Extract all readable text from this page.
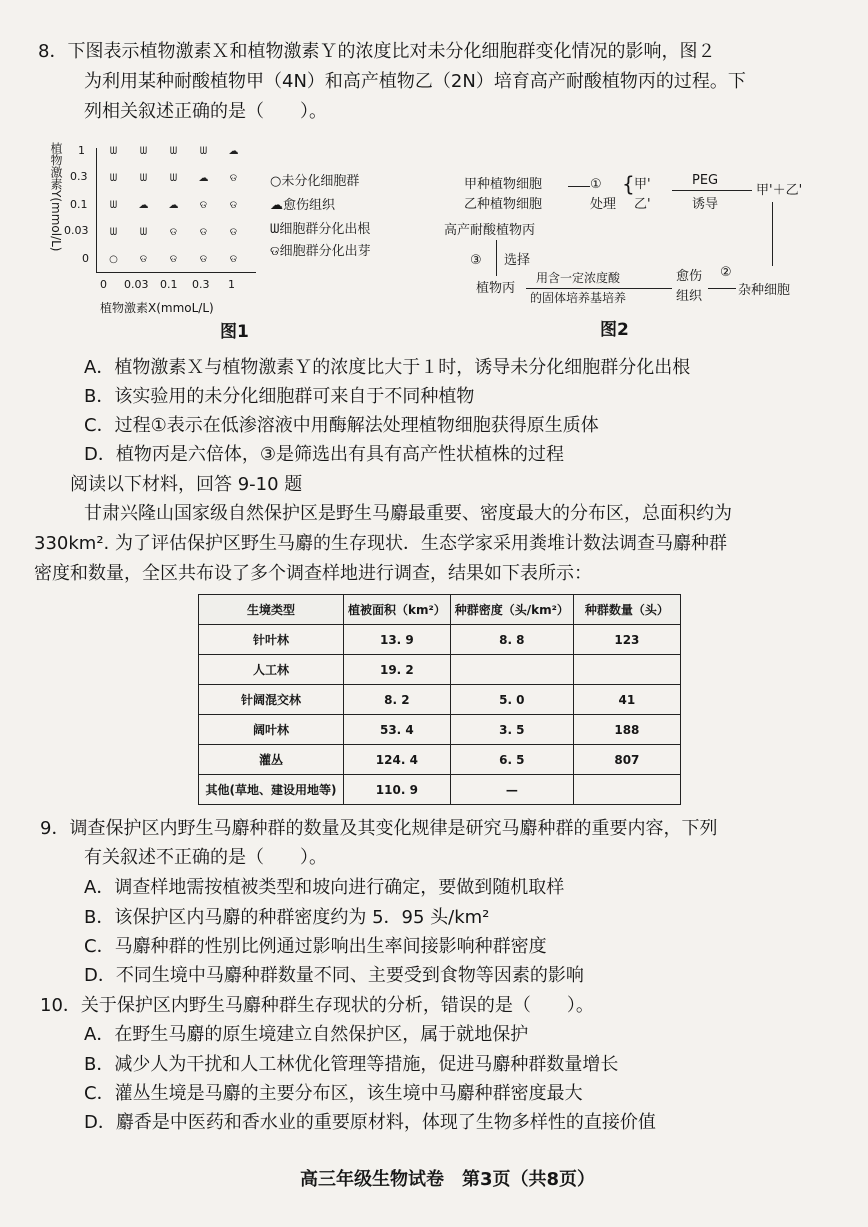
8．下图表示植物激素Ｘ和植物激素Ｙ的浓度比对未分化细胞群变化情况的影响，图２
为利用某种耐酸植物甲（4N）和高产植物乙（2N）培育高产耐酸植物丙的过程。下
列相关叙述正确的是（　　）。
植物激素Y(mmol/L) 1
0.3
0.1
0.03
0
0 0.03 0.1 0.3 1
ᗯ	ᗯ	ᗯ	ᗯ	☁
ᗯ	ᗯ	ᗯ	☁	ଡ
ᗯ	☁	☁	ଡ	ଡ
ᗯ	ᗯ	ଡ	ଡ	ଡ
○	ଡ	ଡ	ଡ	ଡ
植物激素X(mmoL/L)
○未分化细胞群
☁愈伤组织
ᗯ细胞群分化出根
ଡ细胞群分化出芽
图1
甲种植物细胞
乙种植物细胞
①
处理
{ 甲'
乙'
PEG
诱导
甲'＋乙'
杂种细胞
②
愈伤
组织
用含一定浓度酸
的固体培养基培养
植物丙
③ 选择
高产耐酸植物丙
图2
A．植物激素Ｘ与植物激素Ｙ的浓度比大于１时，诱导未分化细胞群分化出根
B．该实验用的未分化细胞群可来自于不同种植物
C．过程①表示在低渗溶液中用酶解法处理植物细胞获得原生质体
D．植物丙是六倍体，③是筛选出有具有高产性状植株的过程
阅读以下材料，回答 9-10 题
甘肃兴隆山国家级自然保护区是野生马麝最重要、密度最大的分布区，总面积约为
330km². 为了评估保护区野生马麝的生存现状．生态学家采用粪堆计数法调查马麝种群
密度和数量，全区共布设了多个调查样地进行调查，结果如下表所示：
生境类型	植被面积（km²）	种群密度（头/km²）	种群数量（头）
针叶林	13. 9	8. 8	123
人工林	19. 2		
针阔混交林	8. 2	5. 0	41
阔叶林	53. 4	3. 5	188
灌丛	124. 4	6. 5	807
其他(草地、建设用地等)	110. 9	—	
9．调查保护区内野生马麝种群的数量及其变化规律是研究马麝种群的重要内容，下列
有关叙述不正确的是（　　）。
A．调查样地需按植被类型和坡向进行确定，要做到随机取样
B．该保护区内马麝的种群密度约为 5．95 头/km²
C．马麝种群的性别比例通过影响出生率间接影响种群密度
D．不同生境中马麝种群数量不同、主要受到食物等因素的影响
10．关于保护区内野生马麝种群生存现状的分析，错误的是（　　）。
A．在野生马麝的原生境建立自然保护区，属于就地保护
B．减少人为干扰和人工林优化管理等措施，促进马麝种群数量增长
C．灌丛生境是马麝的主要分布区，该生境中马麝种群密度最大
D．麝香是中医药和香水业的重要原材料，体现了生物多样性的直接价值
高三年级生物试卷　第3页（共8页）
